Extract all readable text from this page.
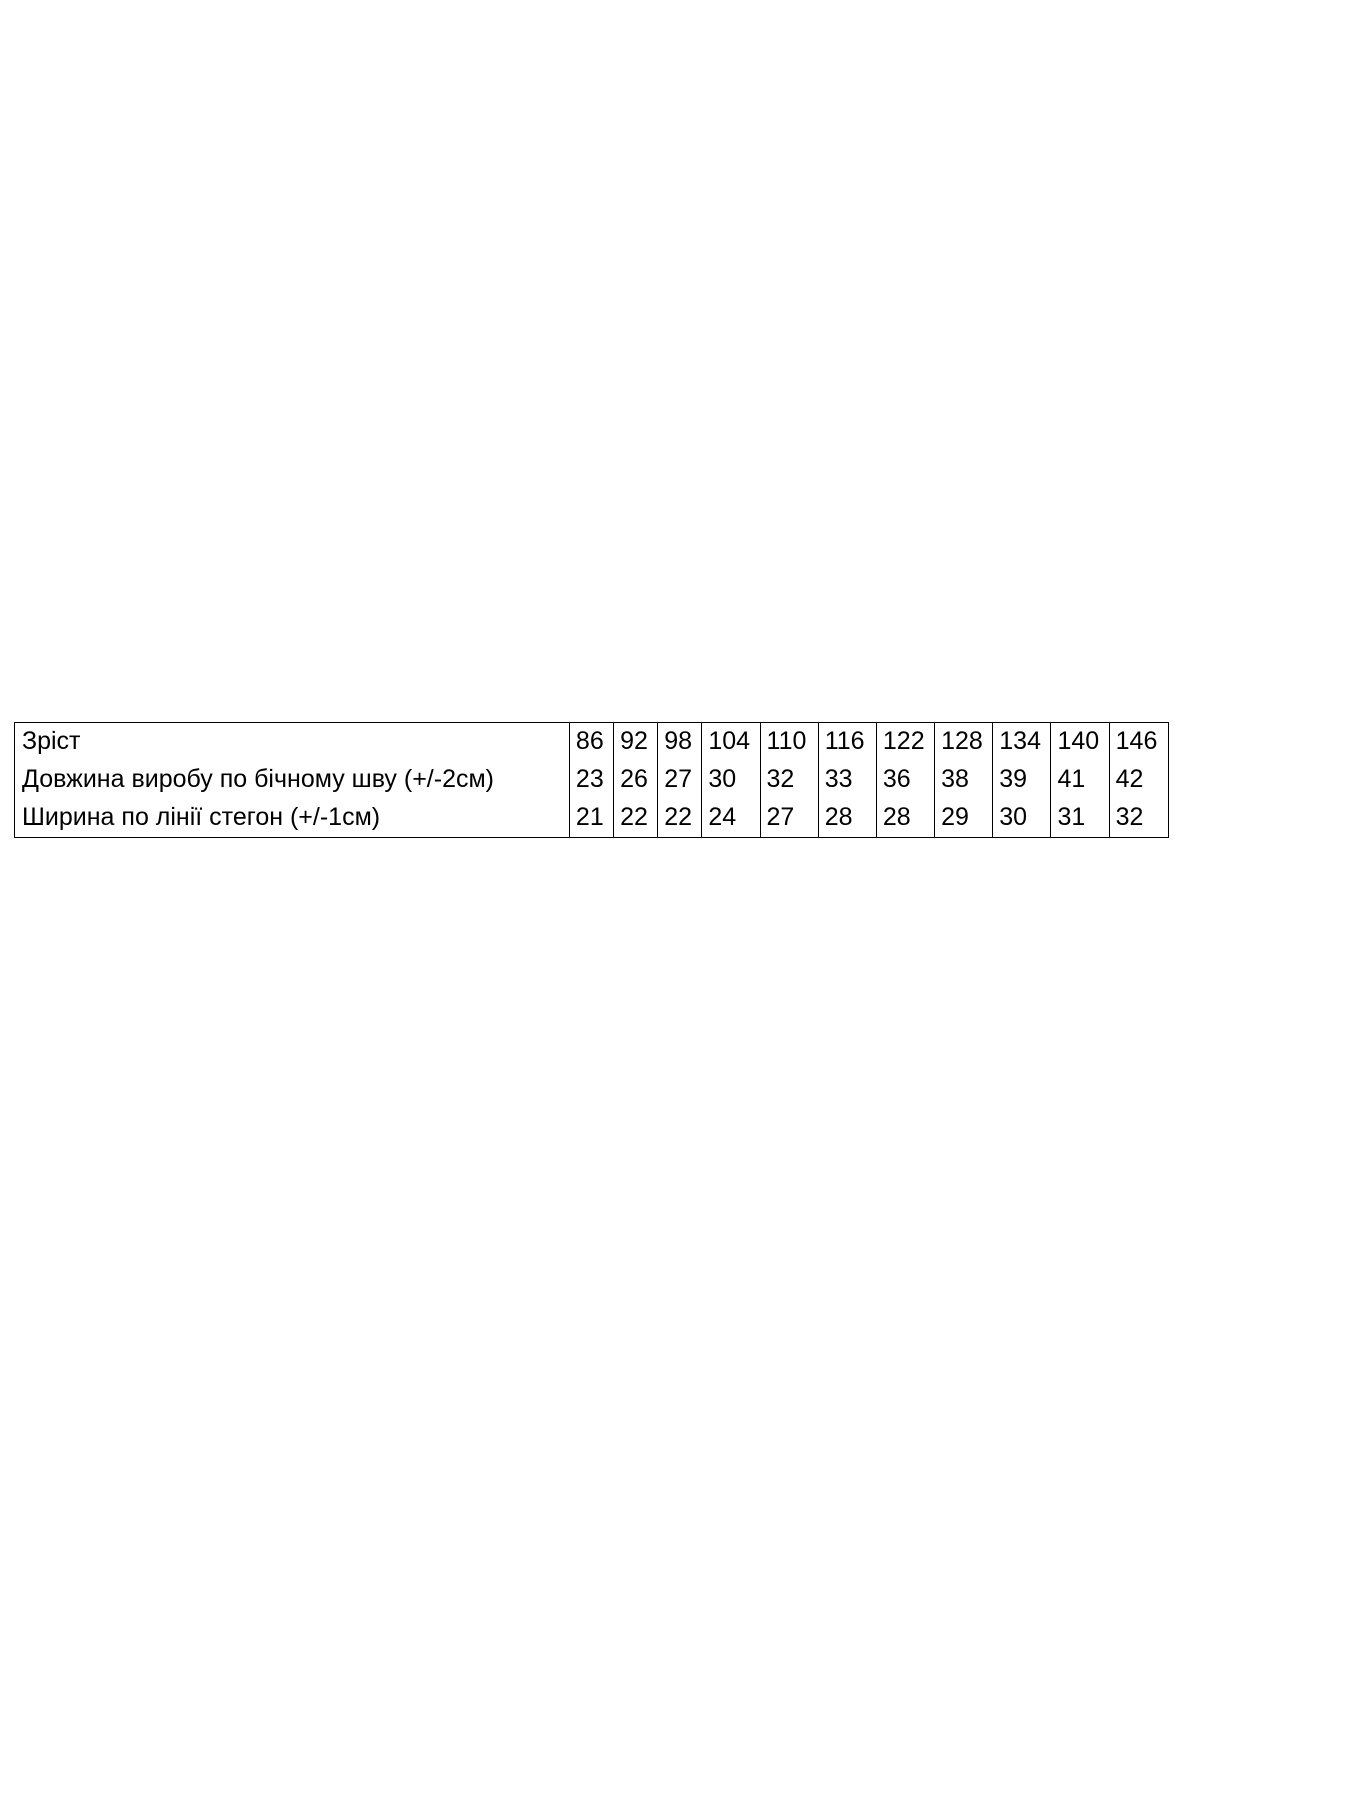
Зріст	86	92	98	104	110	116	122	128	134	140	146
Довжина виробу по бічному шву (+/-2см)	23	26	27	30	32	33	36	38	39	41	42
Ширина по лінії стегон (+/-1см)	21	22	22	24	27	28	28	29	30	31	32
